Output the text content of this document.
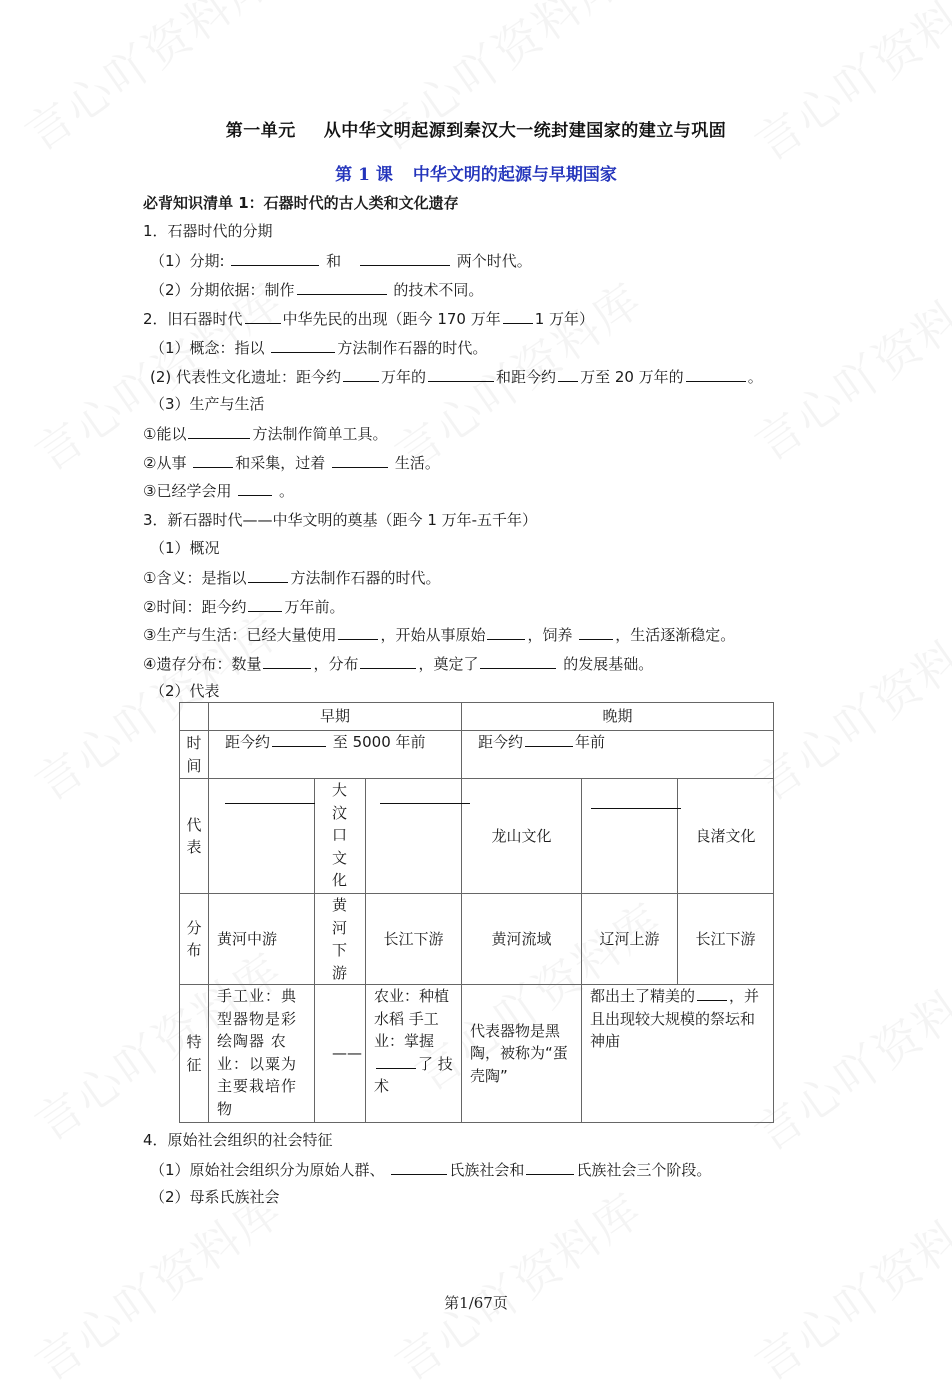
第一单元 从中华文明起源到秦汉大一统封建国家的建立与巩固
第 1 课 中华文明的起源与早期国家
必背知识清单 1：石器时代的古人类和文化遗存
1．石器时代的分期
（1）分期:	和	两个时代。
（2）分期依据：制作	的技术不同。
2．旧石器时代	中华先民的出现（距今 170 万年 1 万年）
（1）概念：指以	方法制作石器的时代。
(2) 代表性文化遗址：距今约	万年的	和距今约 万至 20 万年的	。
（3）生产与生活
①能以	方法制作简单工具。
②从事	和采集，过着	生活。
③已经学会用	。
3．新石器时代——中华文明的奠基（距今 1 万年-五千年）
（1）概况
①含义：是指以	方法制作石器的时代。
②时间：距今约	万年前。
③生产与生活：已经大量使用	，开始从事原始	，饲养	，生活逐渐稳定。
④遗存分布：数量	，分布	，奠定了	的发展基础。
（2）代表
	早期			晚期		

时间	距今约 至 5000 年前			距今约 年前		

代表		大汶口文化		龙山文化		良渚文化

分布	黄河中游	黄河下游	长江下游	黄河流域	辽河上游	长江下游

特征	手工业：典型器物是彩绘陶器 农业：以粟为主要栽培作物	——	农业：种植水稻 手工业：掌握了 技术	代表器物是黑陶，被称为“蛋壳陶”	都出土了精美的 ，并且出现较大规模的祭坛和神庙	
4．原始社会组织的社会特征
（1）原始社会组织分为原始人群、	氏族社会和	氏族社会三个阶段。
（2）母系氏族社会
第1/67页
